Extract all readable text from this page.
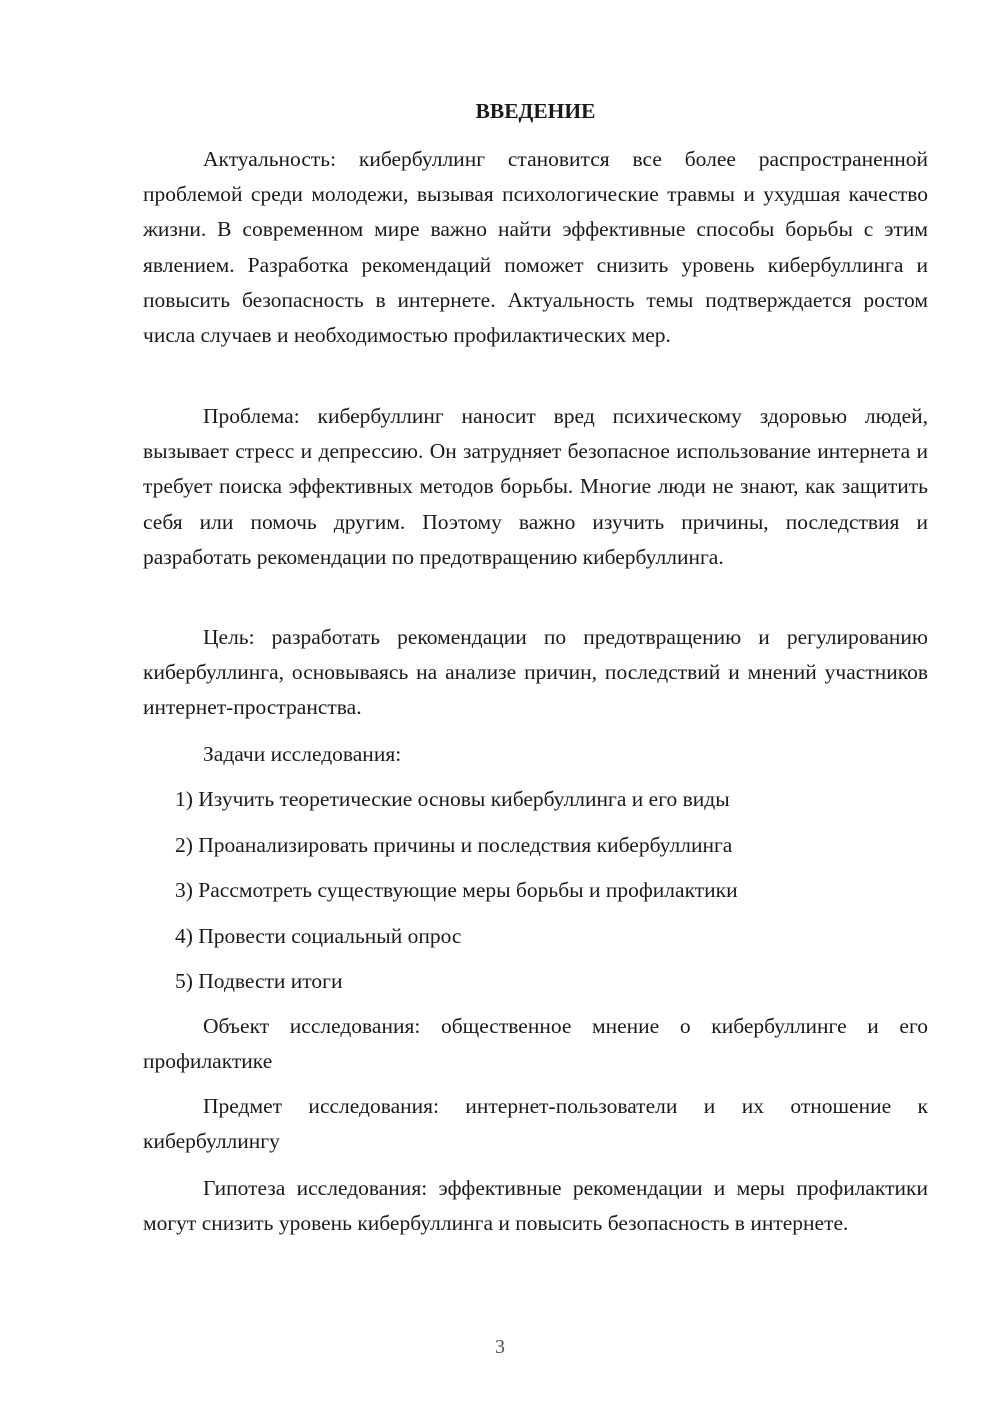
ВВЕДЕНИЕ

Актуальность: кибербуллинг становится все более распространенной проблемой среди молодежи, вызывая психологические травмы и ухудшая качество жизни. В современном мире важно найти эффективные способы борьбы с этим явлением. Разработка рекомендаций поможет снизить уровень кибербуллинга и повысить безопасность в интернете. Актуальность темы подтверждается ростом числа случаев и необходимостью профилактических мер.

Проблема: кибербуллинг наносит вред психическому здоровью людей, вызывает стресс и депрессию. Он затрудняет безопасное использование интернета и требует поиска эффективных методов борьбы. Многие люди не знают, как защитить себя или помочь другим. Поэтому важно изучить причины, последствия и разработать рекомендации по предотвращению кибербуллинга.

Цель: разработать рекомендации по предотвращению и регулированию кибербуллинга, основываясь на анализе причин, последствий и мнений участников интернет-пространства.

Задачи исследования:

1) Изучить теоретические основы кибербуллинга и его виды
2) Проанализировать причины и последствия кибербуллинга
3) Рассмотреть существующие меры борьбы и профилактики
4) Провести социальный опрос
5) Подвести итоги

Объект исследования: общественное мнение о кибербуллинге и его профилактике

Предмет исследования: интернет-пользователи и их отношение к кибербуллингу

Гипотеза исследования: эффективные рекомендации и меры профилактики могут снизить уровень кибербуллинга и повысить безопасность в интернете.

3
